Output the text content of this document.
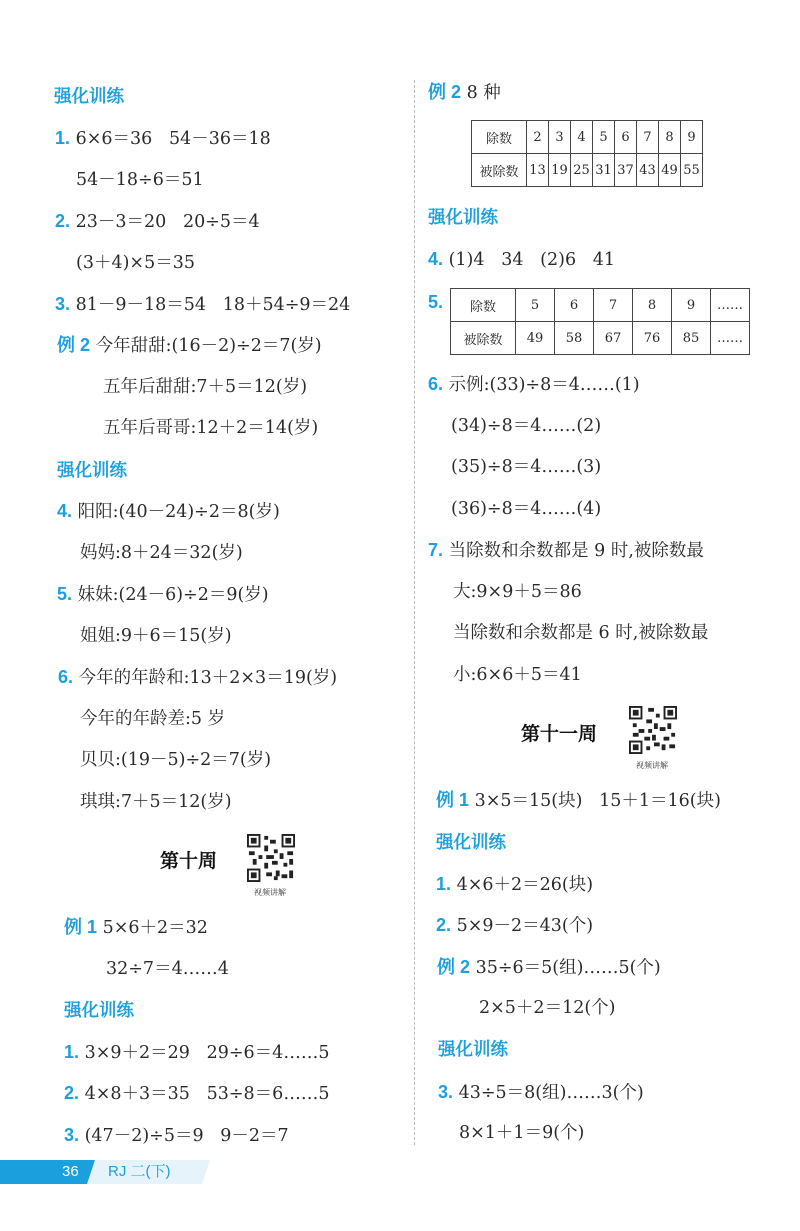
强化训练
1. 6×6＝36   54－36＝18
54－18÷6＝51
2. 23－3＝20   20÷5＝4
(3＋4)×5＝35
3. 81－9－18＝54   18＋54÷9＝24
例 2 今年甜甜:(16－2)÷2＝7(岁)
五年后甜甜:7＋5＝12(岁)
五年后哥哥:12＋2＝14(岁)
强化训练
4. 阳阳:(40－24)÷2＝8(岁)
妈妈:8＋24＝32(岁)
5. 妹妹:(24－6)÷2＝9(岁)
姐姐:9＋6＝15(岁)
6. 今年的年龄和:13＋2×3＝19(岁)
今年的年龄差:5 岁
贝贝:(19－5)÷2＝7(岁)
琪琪:7＋5＝12(岁)
第十周
视频讲解
例 1 5×6＋2＝32
32÷7＝4……4
强化训练
1. 3×9＋2＝29   29÷6＝4……5
2. 4×8＋3＝35   53÷8＝6……5
3. (47－2)÷5＝9   9－2＝7
例 2 8 种
除数	2	3	4	5	6	7	8	9
被除数	13	19	25	31	37	43	49	55
强化训练
4. (1)4   34   (2)6   41
5. 除数	5	6	7	8	9	……
被除数	49	58	67	76	85	……
6. 示例:(33)÷8＝4……(1)
(34)÷8＝4……(2)
(35)÷8＝4……(3)
(36)÷8＝4……(4)
7. 当除数和余数都是 9 时,被除数最
大:9×9＋5＝86
当除数和余数都是 6 时,被除数最
小:6×6＋5＝41
第十一周
视频讲解
例 1 3×5＝15(块)   15＋1＝16(块)
强化训练
1. 4×6＋2＝26(块)
2. 5×9－2＝43(个)
例 2 35÷6＝5(组)……5(个)
2×5＋2＝12(个)
强化训练
3. 43÷5＝8(组)……3(个)
8×1＋1＝9(个)
36 RJ 二(下)
